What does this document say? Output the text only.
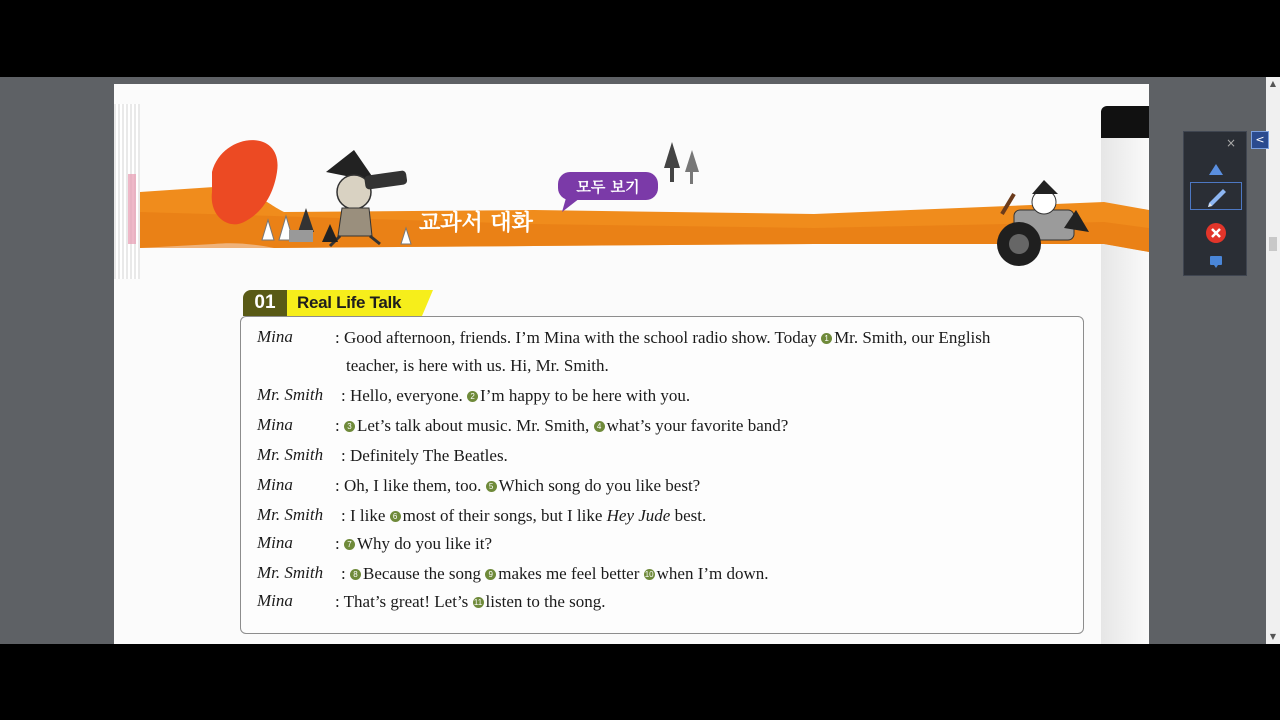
모두 보기
교과서 대화
01	Real Life Talk
Mina : Good afternoon, friends. I’m Mina with the school radio show. Today 1 Mr. Smith, our English
teacher, is here with us. Hi, Mr. Smith.
Mr. Smith : Hello, everyone. 2 I’m happy to be here with you.
Mina : 3 Let’s talk about music. Mr. Smith, 4 what’s your favorite band?
Mr. Smith : Definitely The Beatles.
Mina : Oh, I like them, too. 5 Which song do you like best?
Mr. Smith : I like 6 most of their songs, but I like Hey Jude best.
Mina : 7 Why do you like it?
Mr. Smith : 8 Because the song 9 makes me feel better 10 when I’m down.
Mina : That’s great! Let’s 11 listen to the song.
▲
▼
<
×
